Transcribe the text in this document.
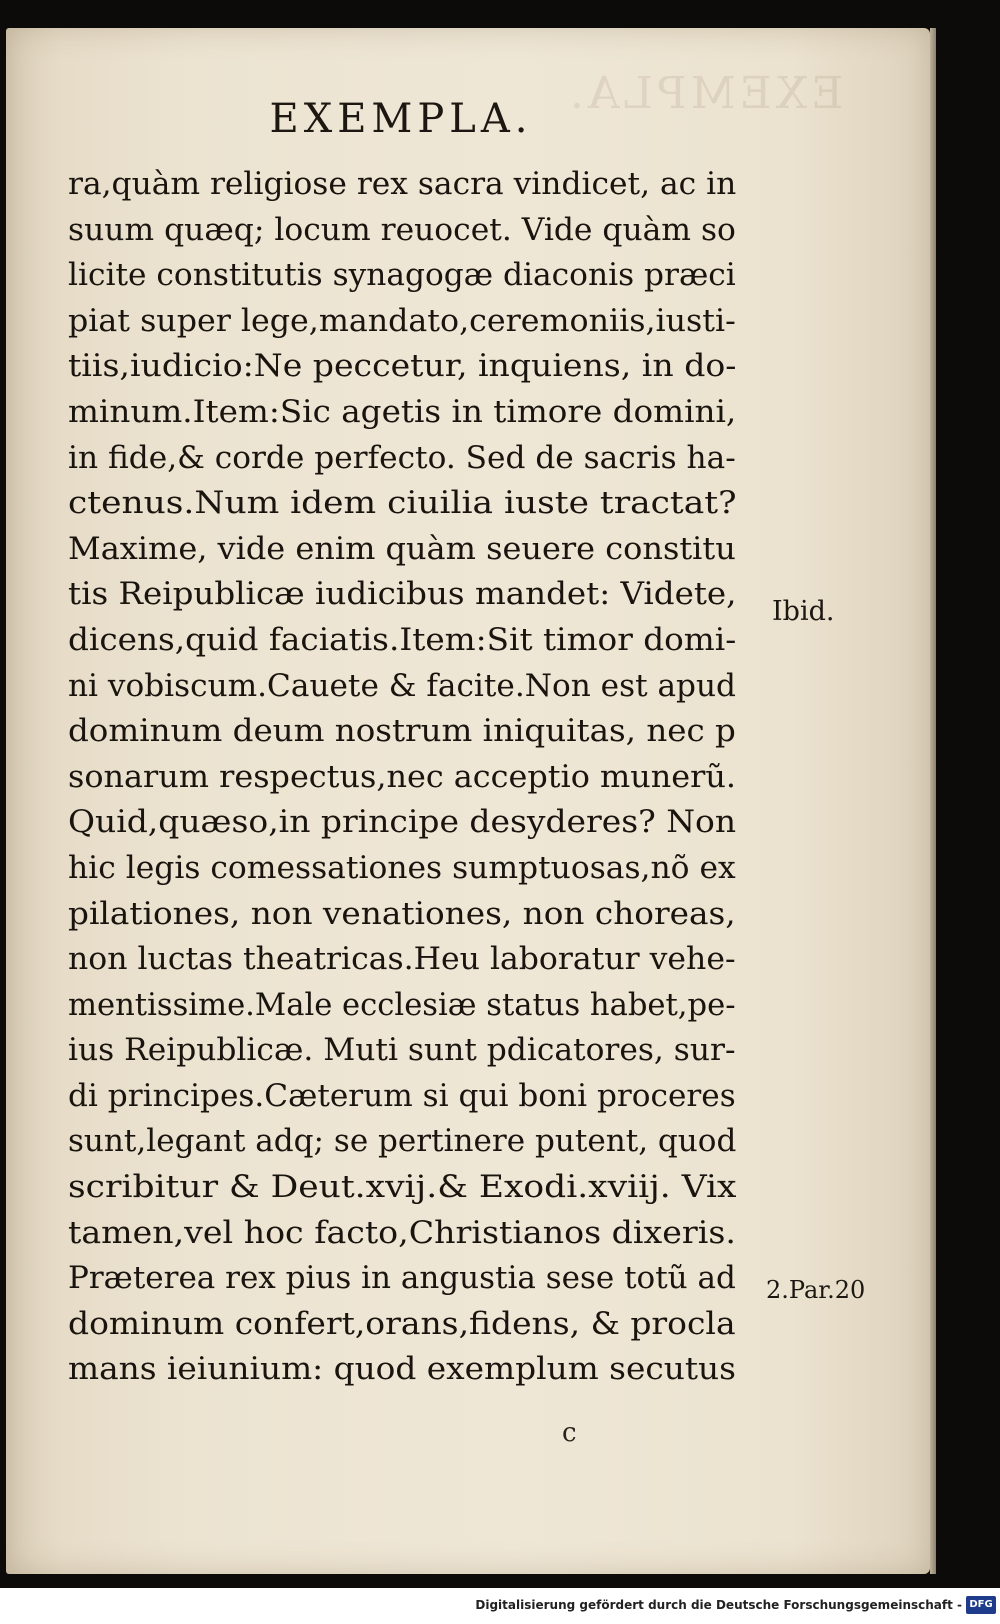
EXEMPLA.
EXEMPLA.
ra,quàm religiose rex sacra vindicet, ac in
suum quæq; locum reuocet. Vide quàm so
licite constitutis synagogæ diaconis præci
piat super lege,mandato,ceremoniis,iusti-
tiis,iudicio:Ne peccetur, inquiens, in do-
minum.Item:Sic agetis in timore domini,
in fide,& corde perfecto. Sed de sacris ha-
ctenus.Num idem ciuilia iuste tractat?
Maxime, vide enim quàm seuere constitu
tis Reipublicæ iudicibus mandet: Videte,
dicens,quid faciatis.Item:Sit timor domi-
ni vobiscum.Cauete & facite.Non est apud
dominum deum nostrum iniquitas, nec p
sonarum respectus,nec acceptio munerũ.
Quid,quæso,in principe desyderes? Non
hic legis comessationes sumptuosas,nõ ex
pilationes, non venationes, non choreas,
non luctas theatricas.Heu laboratur vehe-
mentissime.Male ecclesiæ status habet,pe-
ius Reipublicæ. Muti sunt pdicatores, sur-
di principes.Cæterum si qui boni proceres
sunt,legant adq; se pertinere putent, quod
scribitur & Deut.xvij.& Exodi.xviij. Vix
tamen,vel hoc facto,Christianos dixeris.
Præterea rex pius in angustia sese totũ ad
dominum confert,orans,fidens, & procla
mans ieiunium: quod exemplum secutus
Ibid.
2.Par.20
c
Digitalisierung gefördert durch die Deutsche Forschungsgemeinschaft - DFG
